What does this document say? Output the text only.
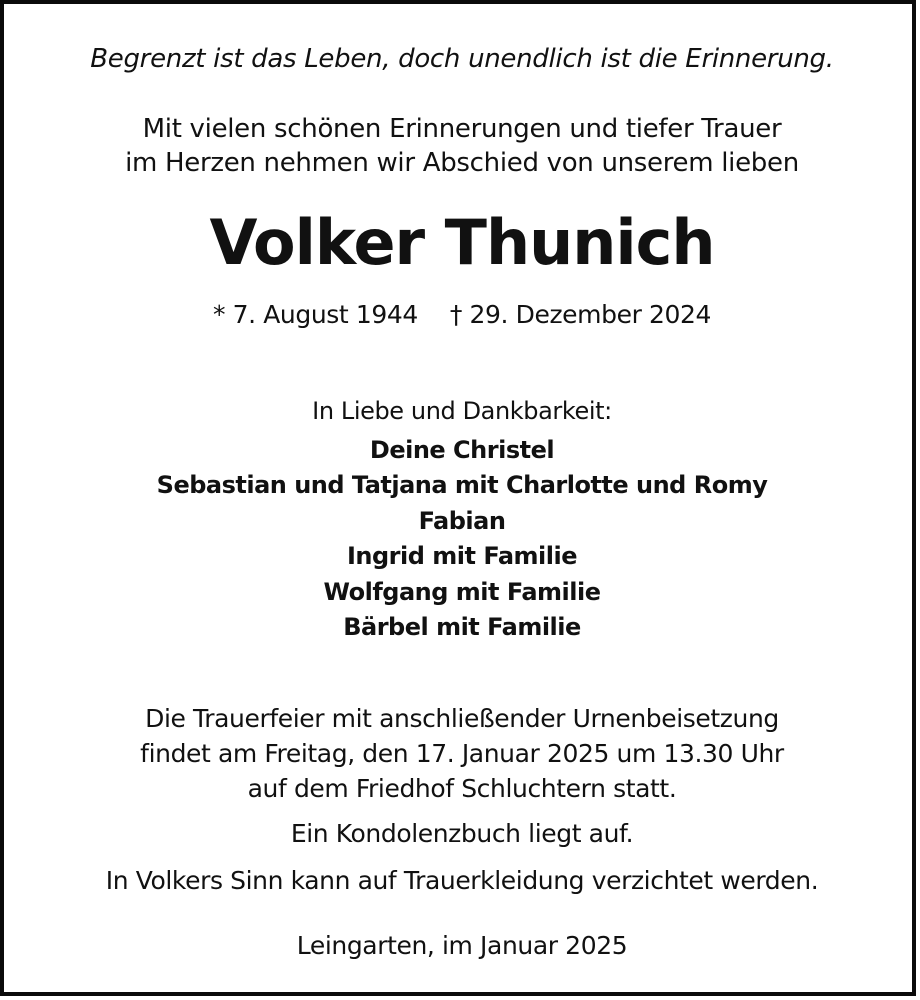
Begrenzt ist das Leben, doch unendlich ist die Erinnerung.
Mit vielen schönen Erinnerungen und tiefer Trauer
im Herzen nehmen wir Abschied von unserem lieben
Volker Thunich
* 7. August 1944 † 29. Dezember 2024
In Liebe und Dankbarkeit:
Deine Christel
Sebastian und Tatjana mit Charlotte und Romy
Fabian
Ingrid mit Familie
Wolfgang mit Familie
Bärbel mit Familie
Die Trauerfeier mit anschließender Urnenbeisetzung
findet am Freitag, den 17. Januar 2025 um 13.30 Uhr
auf dem Friedhof Schluchtern statt.
Ein Kondolenzbuch liegt auf.
In Volkers Sinn kann auf Trauerkleidung verzichtet werden.
Leingarten, im Januar 2025
